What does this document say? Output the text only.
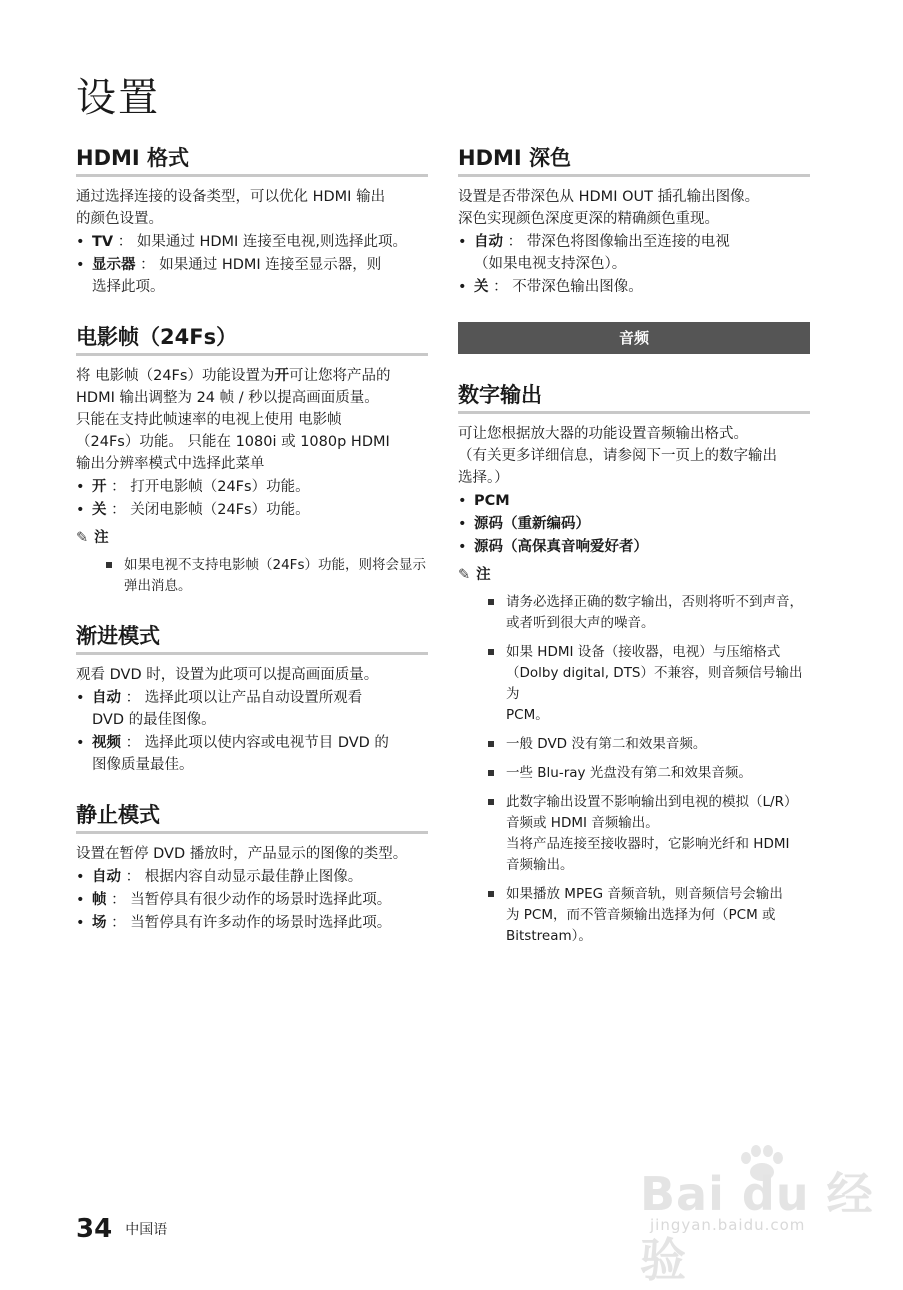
设置
HDMI 格式

通过选择连接的设备类型，可以优化 HDMI 输出
的颜色设置。

• TV ： 如果通过 HDMI 连接至电视,则选择此项。
• 显示器 ： 如果通过 HDMI 连接至显示器，则
选择此项。
电影帧（24Fs）

将 电影帧（24Fs）功能设置为开可让您将产品的
HDMI 输出调整为 24 帧 / 秒以提高画面质量。
只能在支持此帧速率的电视上使用 电影帧
（24Fs）功能。 只能在 1080i 或 1080p HDMI
输出分辨率模式中选择此菜单

• 开 ： 打开电影帧（24Fs）功能。
• 关 ： 关闭电影帧（24Fs）功能。
✎ 注
如果电视不支持电影帧（24Fs）功能，则将会显示
弹出消息。
渐进模式

观看 DVD 时，设置为此项可以提高画面质量。

• 自动 ： 选择此项以让产品自动设置所观看
DVD 的最佳图像。
• 视频 ： 选择此项以使内容或电视节目 DVD 的
图像质量最佳。
静止模式

设置在暂停 DVD 播放时，产品显示的图像的类型。

• 自动 ： 根据内容自动显示最佳静止图像。
• 帧 ： 当暂停具有很少动作的场景时选择此项。
• 场 ： 当暂停具有许多动作的场景时选择此项。
HDMI 深色

设置是否带深色从 HDMI OUT 插孔输出图像。
深色实现颜色深度更深的精确颜色重现。

• 自动 ： 带深色将图像输出至连接的电视
（如果电视支持深色）。
• 关 ： 不带深色输出图像。
音频
数字输出

可让您根据放大器的功能设置音频输出格式。
（有关更多详细信息，请参阅下一页上的数字输出
选择。）

• PCM
• 源码（重新编码）
• 源码（高保真音响爱好者）
✎ 注
请务必选择正确的数字输出，否则将听不到声音，
或者听到很大声的噪音。
如果 HDMI 设备（接收器，电视）与压缩格式
（Dolby digital, DTS）不兼容，则音频信号输出为
PCM。
一般 DVD 没有第二和效果音频。
一些 Blu-ray 光盘没有第二和效果音频。
此数字输出设置不影响输出到电视的模拟（L/R）
音频或 HDMI 音频输出。
当将产品连接至接收器时，它影响光纤和 HDMI
音频输出。
如果播放 MPEG 音频音轨，则音频信号会输出
为 PCM，而不管音频输出选择为何（PCM 或
Bitstream）。
Bai du 经验
jingyan.baidu.com
34 中国语
